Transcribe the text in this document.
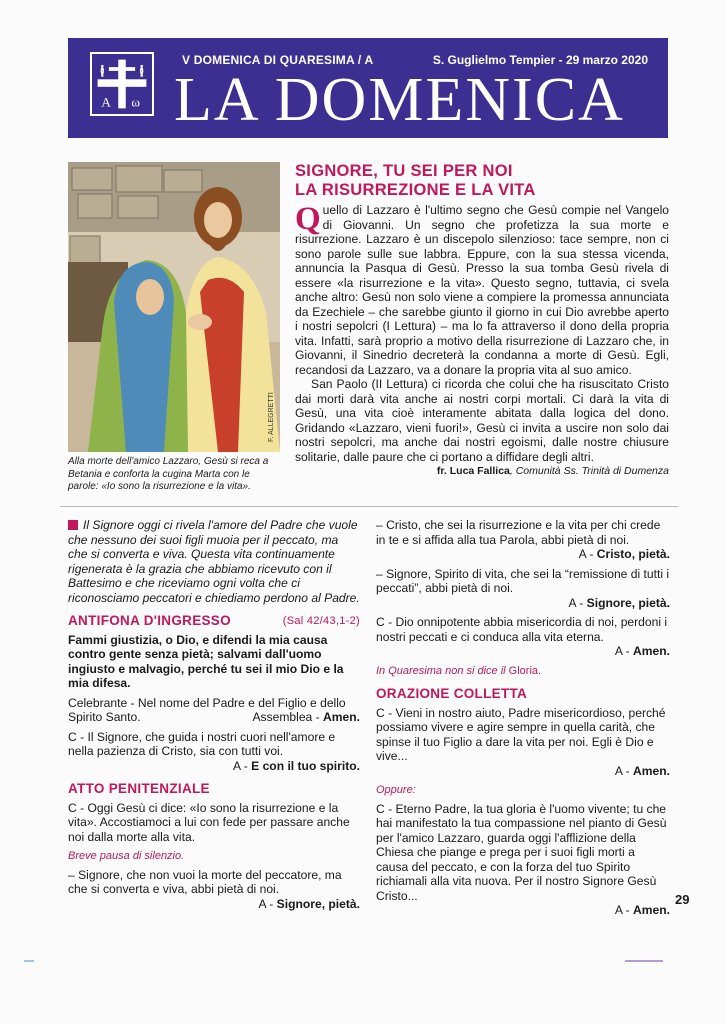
A ω
V DOMENICA DI QUARESIMA / A	S. Guglielmo Tempier - 29 marzo 2020
LA DOMENICA
F. ALLEGRETTI
Alla morte dell'amico Lazzaro, Gesù si reca a Betania e conforta la cugina Marta con le parole: «Io sono la risurrezione e la vita».
SIGNORE, TU SEI PER NOI
LA RISURREZIONE E LA VITA

Quello di Lazzaro è l'ultimo segno che Gesù compie nel Vangelo di Giovanni. Un segno che profetizza la sua morte e risurrezione. Lazzaro è un discepolo silenzioso: tace sempre, non ci sono parole sulle sue labbra. Eppure, con la sua stessa vicenda, annuncia la Pasqua di Gesù. Presso la sua tomba Gesù rivela di essere «la risurrezione e la vita». Questo segno, tuttavia, ci svela anche altro: Gesù non solo viene a compiere la promessa annunciata da Ezechiele – che sarebbe giunto il giorno in cui Dio avrebbe aperto i nostri sepolcri (I Lettura) – ma lo fa attraverso il dono della propria vita. Infatti, sarà proprio a motivo della risurrezione di Lazzaro che, in Giovanni, il Sinedrio decreterà la condanna a morte di Gesù. Egli, recandosi da Lazzaro, va a donare la propria vita al suo amico.

San Paolo (II Lettura) ci ricorda che colui che ha risuscitato Cristo dai morti darà vita anche ai nostri corpi mortali. Ci darà la vita di Gesù, una vita cioè interamente abitata dalla logica del dono. Gridando «Lazzaro, vieni fuori!», Gesù ci invita a uscire non solo dai nostri sepolcri, ma anche dai nostri egoismi, dalle nostre chiusure solitarie, dalle paure che ci portano a diffidare degli altri.
fr. Luca Fallica, Comunità Ss. Trinità di Dumenza

Il Signore oggi ci rivela l'amore del Padre che vuole che nessuno dei suoi figli muoia per il peccato, ma che si converta e viva. Questa vita continuamente rigenerata è la grazia che abbiamo ricevuto con il Battesimo e che riceviamo ogni volta che ci riconosciamo peccatori e chiediamo perdono al Padre.

(Sal 42/43,1-2)
ANTIFONA D'INGRESSO

Fammi giustizia, o Dio, e difendi la mia causa contro gente senza pietà; salvami dall'uomo ingiusto e malvagio, perché tu sei il mio Dio e la mia difesa.

Celebrante - Nel nome del Padre e del Figlio e dello Spirito Santo.	Assemblea - Amen.

C - Il Signore, che guida i nostri cuori nell'amore e nella pazienza di Cristo, sia con tutti voi.

A - E con il tuo spirito.

ATTO PENITENZIALE

C - Oggi Gesù ci dice: «Io sono la risurrezione e la vita». Accostiamoci a lui con fede per passare anche noi dalla morte alla vita.

Breve pausa di silenzio.

– Signore, che non vuoi la morte del peccatore, ma che si converta e viva, abbi pietà di noi.

A - Signore, pietà.

– Cristo, che sei la risurrezione e la vita per chi crede in te e si affida alla tua Parola, abbi pietà di noi.

A - Cristo, pietà.

– Signore, Spirito di vita, che sei la “remissione di tutti i peccati”, abbi pietà di noi.

A - Signore, pietà.

C - Dio onnipotente abbia misericordia di noi, perdoni i nostri peccati e ci conduca alla vita eterna.

A - Amen.

In Quaresima non si dice il Gloria.
ORAZIONE COLLETTA

C - Vieni in nostro aiuto, Padre misericordioso, perché possiamo vivere e agire sempre in quella carità, che spinse il tuo Figlio a dare la vita per noi. Egli è Dio e vive...

A - Amen.

Oppure:

C - Eterno Padre, la tua gloria è l'uomo vivente; tu che hai manifestato la tua compassione nel pianto di Gesù per l'amico Lazzaro, guarda oggi l'afflizione della Chiesa che piange e prega per i suoi figli morti a causa del peccato, e con la forza del tuo Spirito richiamali alla vita nuova. Per il nostro Signore Gesù Cristo...

A - Amen.

29
